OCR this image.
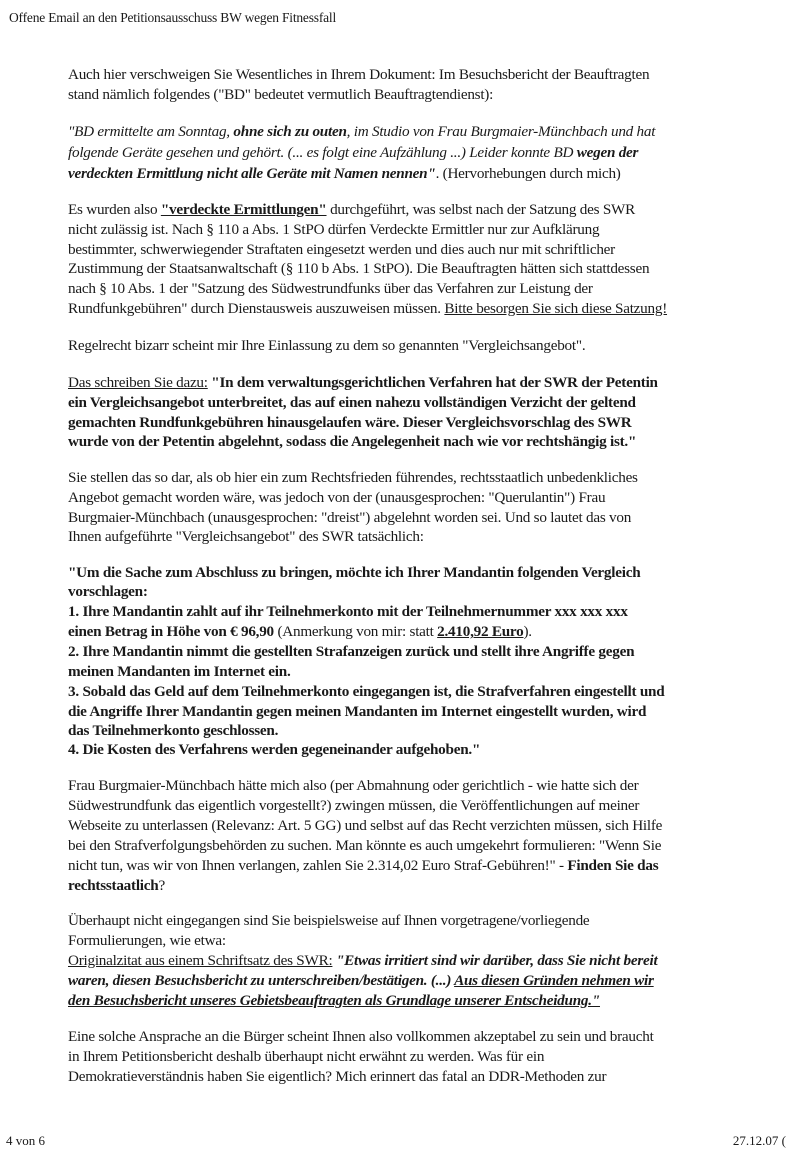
Offene Email an den Petitionsausschuss BW wegen Fitnessfall
Auch hier verschweigen Sie Wesentliches in Ihrem Dokument: Im Besuchsbericht der Beauftragten
stand nämlich folgendes ("BD" bedeutet vermutlich Beauftragtendienst):
"BD ermittelte am Sonntag, ohne sich zu outen, im Studio von Frau Burgmaier-Münchbach und hat
folgende Geräte gesehen und gehört. (... es folgt eine Aufzählung ...) Leider konnte BD wegen der
verdeckten Ermittlung nicht alle Geräte mit Namen nennen". (Hervorhebungen durch mich)
Es wurden also "verdeckte Ermittlungen" durchgeführt, was selbst nach der Satzung des SWR
nicht zulässig ist. Nach § 110 a Abs. 1 StPO dürfen Verdeckte Ermittler nur zur Aufklärung
bestimmter, schwerwiegender Straftaten eingesetzt werden und dies auch nur mit schriftlicher
Zustimmung der Staatsanwaltschaft (§ 110 b Abs. 1 StPO). Die Beauftragten hätten sich stattdessen
nach § 10 Abs. 1 der "Satzung des Südwestrundfunks über das Verfahren zur Leistung der
Rundfunkgebühren" durch Dienstausweis auszuweisen müssen. Bitte besorgen Sie sich diese Satzung!
Regelrecht bizarr scheint mir Ihre Einlassung zu dem so genannten "Vergleichsangebot".
Das schreiben Sie dazu: "In dem verwaltungsgerichtlichen Verfahren hat der SWR der Petentin
ein Vergleichsangebot unterbreitet, das auf einen nahezu vollständigen Verzicht der geltend
gemachten Rundfunkgebühren hinausgelaufen wäre. Dieser Vergleichsvorschlag des SWR
wurde von der Petentin abgelehnt, sodass die Angelegenheit nach wie vor rechtshängig ist."
Sie stellen das so dar, als ob hier ein zum Rechtsfrieden führendes, rechtsstaatlich unbedenkliches
Angebot gemacht worden wäre, was jedoch von der (unausgesprochen: "Querulantin") Frau
Burgmaier-Münchbach (unausgesprochen: "dreist") abgelehnt worden sei. Und so lautet das von
Ihnen aufgeführte "Vergleichsangebot" des SWR tatsächlich:
"Um die Sache zum Abschluss zu bringen, möchte ich Ihrer Mandantin folgenden Vergleich
vorschlagen:
1. Ihre Mandantin zahlt auf ihr Teilnehmerkonto mit der Teilnehmernummer xxx xxx xxx
einen Betrag in Höhe von € 96,90 (Anmerkung von mir: statt 2.410,92 Euro).
2. Ihre Mandantin nimmt die gestellten Strafanzeigen zurück und stellt ihre Angriffe gegen
meinen Mandanten im Internet ein.
3. Sobald das Geld auf dem Teilnehmerkonto eingegangen ist, die Strafverfahren eingestellt und
die Angriffe Ihrer Mandantin gegen meinen Mandanten im Internet eingestellt wurden, wird
das Teilnehmerkonto geschlossen.
4. Die Kosten des Verfahrens werden gegeneinander aufgehoben."
Frau Burgmaier-Münchbach hätte mich also (per Abmahnung oder gerichtlich - wie hatte sich der
Südwestrundfunk das eigentlich vorgestellt?) zwingen müssen, die Veröffentlichungen auf meiner
Webseite zu unterlassen (Relevanz: Art. 5 GG) und selbst auf das Recht verzichten müssen, sich Hilfe
bei den Strafverfolgungsbehörden zu suchen. Man könnte es auch umgekehrt formulieren: "Wenn Sie
nicht tun, was wir von Ihnen verlangen, zahlen Sie 2.314,02 Euro Straf-Gebühren!" - Finden Sie das
rechtsstaatlich?
Überhaupt nicht eingegangen sind Sie beispielsweise auf Ihnen vorgetragene/vorliegende
Formulierungen, wie etwa:
Originalzitat aus einem Schriftsatz des SWR: "Etwas irritiert sind wir darüber, dass Sie nicht bereit
waren, diesen Besuchsbericht zu unterschreiben/bestätigen. (...) Aus diesen Gründen nehmen wir
den Besuchsbericht unseres Gebietsbeauftragten als Grundlage unserer Entscheidung."
Eine solche Ansprache an die Bürger scheint Ihnen also vollkommen akzeptabel zu sein und braucht
in Ihrem Petitionsbericht deshalb überhaupt nicht erwähnt zu werden. Was für ein
Demokratieverständnis haben Sie eigentlich? Mich erinnert das fatal an DDR-Methoden zur
4 von 6	27.12.07 (
